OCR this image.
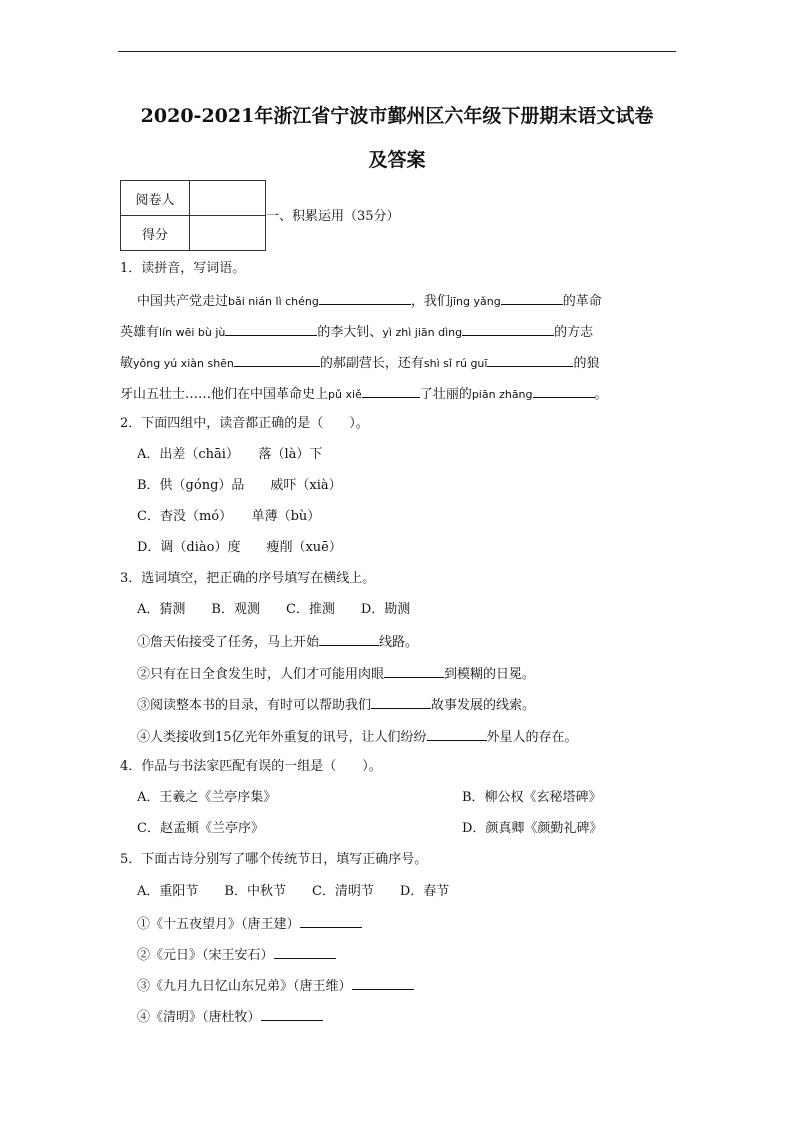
2020-2021年浙江省宁波市鄞州区六年级下册期末语文试卷
及答案
阅卷人	
得分	
一、积累运用（35分）
1．读拼音，写词语。
中国共产党走过bǎi nián lì chéng	，我们jīng yǎng	的革命
英雄有lín wēi bù jù	的李大钊、yì zhì jiān dìng	的方志
敏yǒng yú xiàn shēn	的郝副营长，还有shì sǐ rú guī	的狼
牙山五壮士……他们在中国革命史上pǔ xiě	了壮丽的piān zhāng	。
2．下面四组中，读音都正确的是（　　）。
A．出差（chāi）　　落（là）下
B．供（góng）品　　威吓（xià）
C．杳没（mó）　　单薄（bù）
D．调（diào）度　　瘦削（xuē）
3．选词填空，把正确的序号填写在横线上。
A．猜测　　B．观测　　C．推测　　D．勘测
①詹天佑接受了任务，马上开始	线路。
②只有在日全食发生时，人们才可能用肉眼	到模糊的日冕。
③阅读整本书的目录，有时可以帮助我们	故事发展的线索。
④人类接收到15亿光年外重复的讯号，让人们纷纷	外星人的存在。
4．作品与书法家匹配有误的一组是（　　）。
A．王羲之《兰亭序集》	B．柳公权《玄秘塔碑》
C．赵孟頫《兰亭序》	D．颜真卿《颜勤礼碑》
5．下面古诗分别写了哪个传统节日，填写正确序号。
A．重阳节　　B．中秋节　　C．清明节　　D．春节
①《十五夜望月》（唐王建）
②《元日》（宋王安石）
③《九月九日忆山东兄弟》（唐王维）
④《清明》（唐杜牧）
